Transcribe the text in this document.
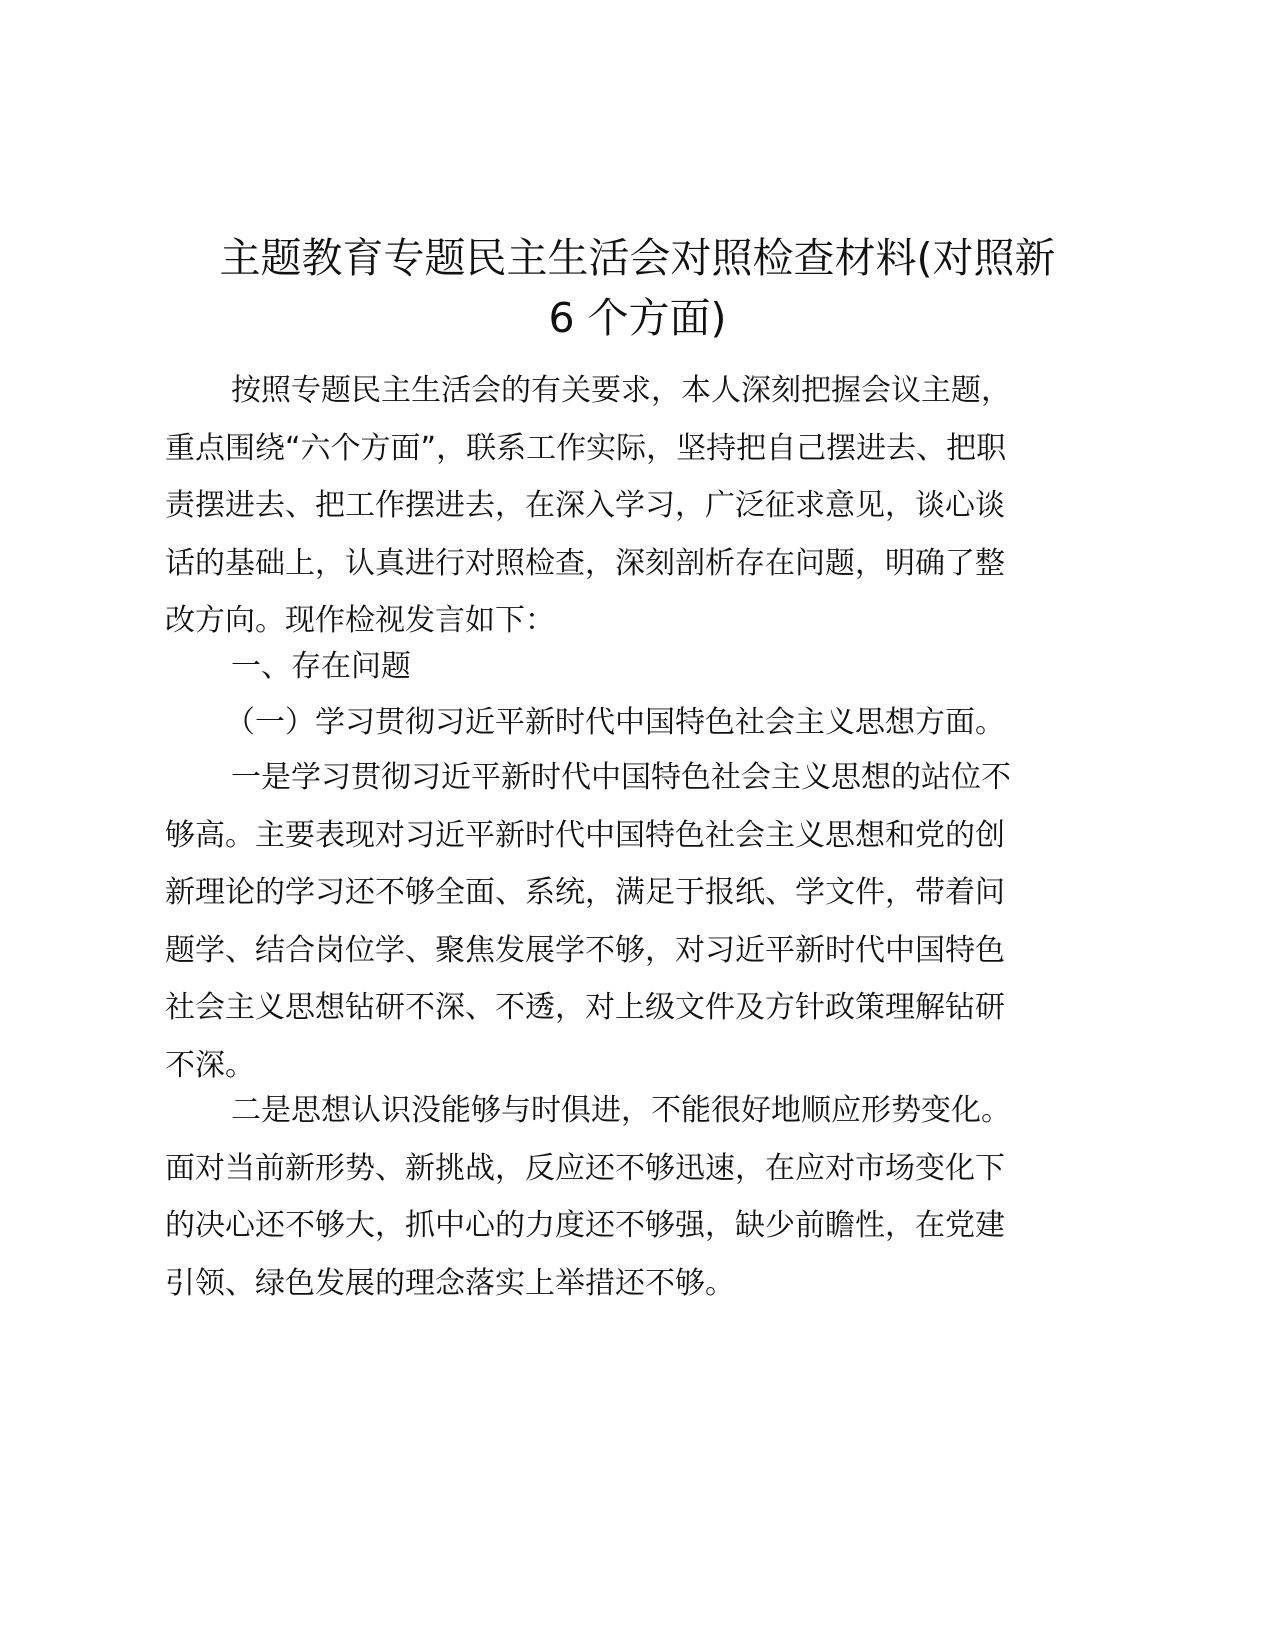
主题教育专题民主生活会对照检查材料(对照新
6 个方面)
按照专题民主生活会的有关要求，本人深刻把握会议主题，
重点围绕“六个方面”，联系工作实际，坚持把自己摆进去、把职
责摆进去、把工作摆进去，在深入学习，广泛征求意见，谈心谈
话的基础上，认真进行对照检查，深刻剖析存在问题，明确了整
改方向。现作检视发言如下：
一、存在问题
（一）学习贯彻习近平新时代中国特色社会主义思想方面。
一是学习贯彻习近平新时代中国特色社会主义思想的站位不
够高。主要表现对习近平新时代中国特色社会主义思想和党的创
新理论的学习还不够全面、系统，满足于报纸、学文件，带着问
题学、结合岗位学、聚焦发展学不够，对习近平新时代中国特色
社会主义思想钻研不深、不透，对上级文件及方针政策理解钻研
不深。
二是思想认识没能够与时俱进，不能很好地顺应形势变化。
面对当前新形势、新挑战，反应还不够迅速，在应对市场变化下
的决心还不够大，抓中心的力度还不够强，缺少前瞻性，在党建
引领、绿色发展的理念落实上举措还不够。
